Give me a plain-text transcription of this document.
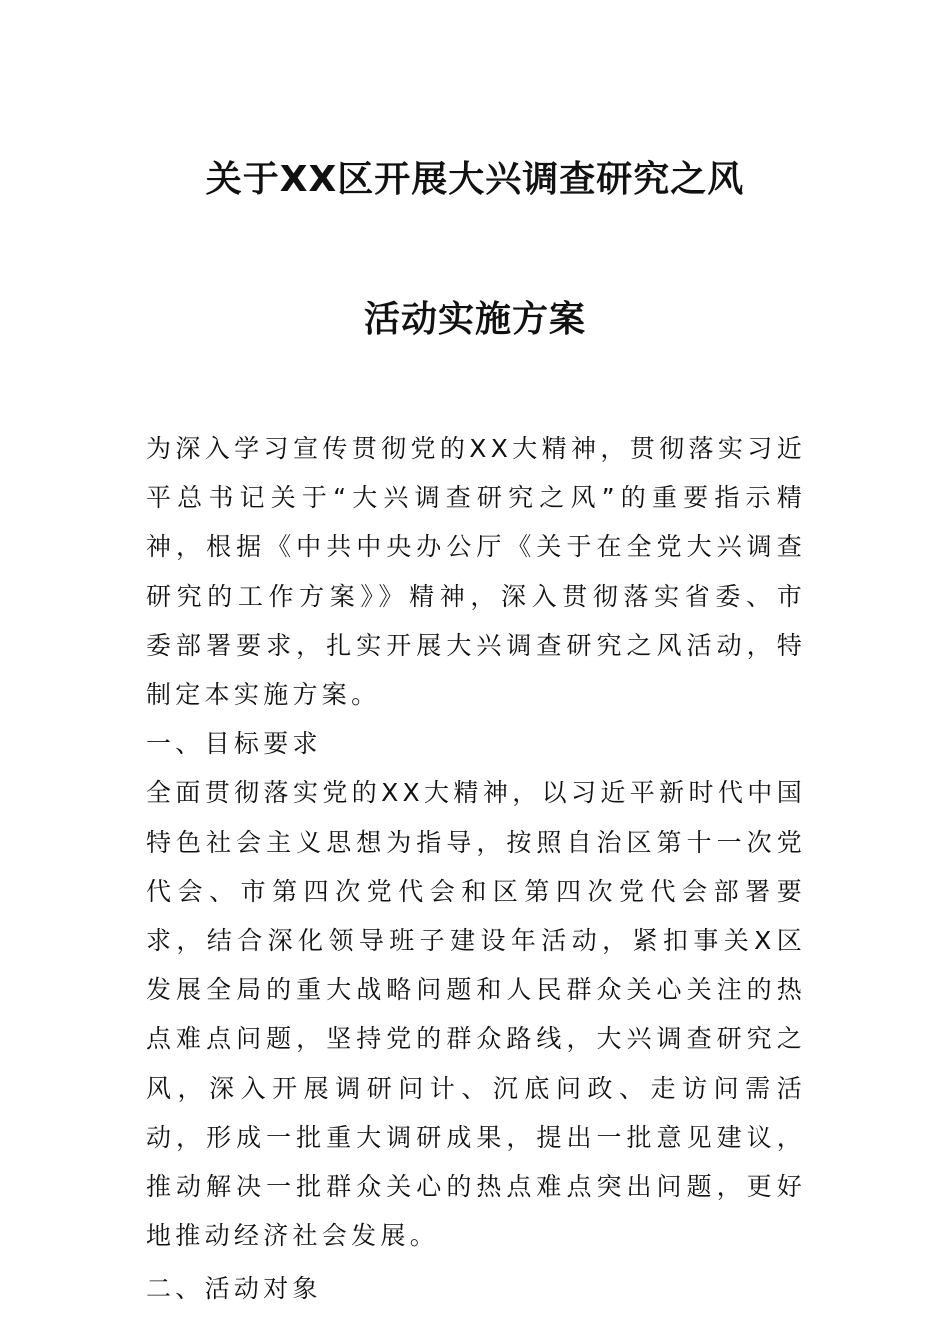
关于XX区开展大兴调查研究之风
活动实施方案

为深入学习宣传贯彻党的XX大精神，贯彻落实习近平总书记关于“大兴调查研究之风”的重要指示精神，根据《中共中央办公厅《关于在全党大兴调查研究的工作方案》》精神，深入贯彻落实省委、市委部署要求，扎实开展大兴调查研究之风活动，特制定本实施方案。

一、目标要求

全面贯彻落实党的XX大精神，以习近平新时代中国特色社会主义思想为指导，按照自治区第十一次党代会、市第四次党代会和区第四次党代会部署要求，结合深化领导班子建设年活动，紧扣事关X区发展全局的重大战略问题和人民群众关心关注的热点难点问题，坚持党的群众路线，大兴调查研究之风，深入开展调研问计、沉底问政、走访问需活动，形成一批重大调研成果，提出一批意见建议，推动解决一批群众关心的热点难点突出问题，更好地推动经济社会发展。

二、活动对象
